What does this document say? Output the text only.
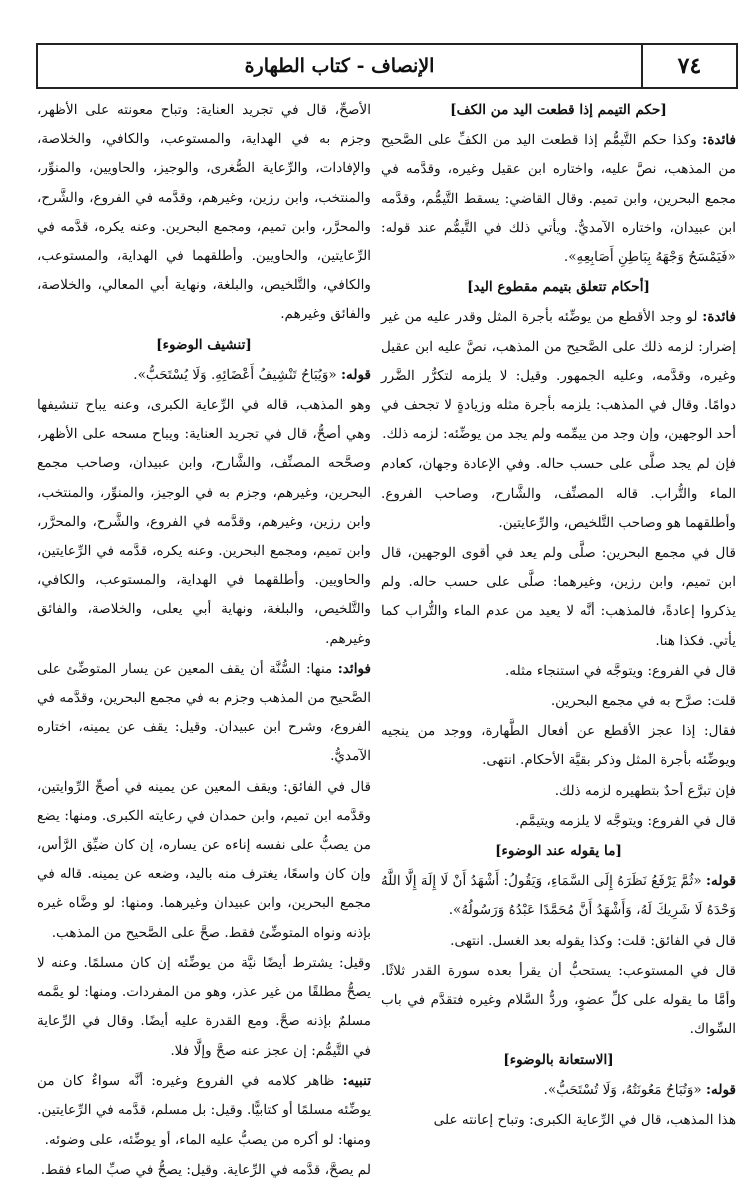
الإنصاف - كتاب الطهارة	٧٤

[حكم التيمم إذا قطعت اليد من الكف]

فائدة: وكذا حكم التَّيمُّم إذا قطعت اليد من الكفِّ على الصَّحيح من المذهب، نصَّ عليه، واختاره ابن عقيل وغيره، وقدَّمه في مجمع البحرين، وابن تميم. وقال القاضي: يسقط التَّيمُّم، وقدَّمه ابن عبيدان، واختاره الآمديُّ. ويأتي ذلك في التَّيمُّم عند قوله: «فَيَمْسَحُ وَجْهَهُ بِبَاطِنِ أَصَابِعِهِ».

[أحكام تتعلق بتيمم مقطوع اليد]

فائدة: لو وجد الأقطع من يوضِّئه بأجرة المثل وقدر عليه من غير إضرار: لزمه ذلك على الصَّحيح من المذهب، نصَّ عليه ابن عقيل وغيره، وقدَّمه، وعليه الجمهور. وقيل: لا يلزمه لتكرُّر الضَّرر دوامًا. وقال في المذهب: يلزمه بأجرة مثله وزيادةٍ لا تجحف في أحد الوجهين، وإن وجد من ييمِّمه ولم يجد من يوضِّئه: لزمه ذلك.

فإن لم يجد صلَّى على حسب حاله. وفي الإعادة وجهان، كعادم الماء والتُّراب. قاله المصنِّف، والشَّارح، وصاحب الفروع. وأطلقهما هو وصاحب التَّلخيص، والرِّعايتين.

قال في مجمع البحرين: صلَّى ولم يعد في أقوى الوجهين، قال ابن تميم، وابن رزين، وغيرهما: صلَّى على حسب حاله. ولم يذكروا إعادةً، فالمذهب: أنَّه لا يعيد من عدم الماء والتُّراب كما يأتي. فكذا هنا.

قال في الفروع: ويتوجَّه في استنجاء مثله.

قلت: صرَّح به في مجمع البحرين.

فقال: إذا عجز الأقطع عن أفعال الطَّهارة، ووجد من ينجيه ويوضِّئه بأجرة المثل وذكر بقيَّة الأحكام. انتهى.

فإن تبرَّع أحدٌ بتطهيره لزمه ذلك.

قال في الفروع: ويتوجَّه لا يلزمه ويتيمَّم.

[ما يقوله عند الوضوء]

قوله: «ثُمَّ يَرْفَعُ نَظَرَهُ إِلَى السَّمَاءِ، وَيَقُولُ: أَشْهَدُ أَنْ لَا إِلَهَ إِلَّا اللَّهُ وَحْدَهُ لَا شَرِيكَ لَهُ، وَأَشْهَدُ أَنَّ مُحَمَّدًا عَبْدُهُ وَرَسُولُهُ».

قال في الفائق: قلت: وكذا يقوله بعد الغسل. انتهى.

قال في المستوعب: يستحبُّ أن يقرأ بعده سورة القدر ثلاثًا. وأمَّا ما يقوله على كلِّ عضوٍ، وردُّ السَّلام وغيره فتقدَّم في باب السِّواك.

[الاستعانة بالوضوء]

قوله: «وَتُبَاحُ مَعُونَتُهُ، وَلَا تُسْتَحَبُّ».

هذا المذهب، قال في الرِّعاية الكبرى: وتباح إعانته على

الأصحِّ، قال في تجريد العناية: وتباح معونته على الأظهر، وجزم به في الهداية، والمستوعب، والكافي، والخلاصة، والإفادات، والرِّعاية الصُّغرى، والوجيز، والحاويين، والمنوِّر، والمنتخب، وابن رزين، وغيرهم، وقدَّمه في الفروع، والشَّرح، والمحرَّر، وابن تميم، ومجمع البحرين. وعنه يكره، قدَّمه في الرِّعايتين، والحاويين. وأطلقهما في الهداية، والمستوعب، والكافي، والتَّلخيص، والبلغة، ونهاية أبي المعالي، والخلاصة، والفائق وغيرهم.

[تنشيف الوضوء]

قوله: «وَيُبَاحُ تَنْشِيفُ أَعْضَائِهِ. وَلَا يُسْتَحَبُّ».

وهو المذهب، قاله في الرِّعاية الكبرى، وعنه يباح تنشيفها وهي أصحُّ، قال في تجريد العناية: ويباح مسحه على الأظهر، وصحَّحه المصنِّف، والشَّارح، وابن عبيدان، وصاحب مجمع البحرين، وغيرهم، وجزم به في الوجيز، والمنوِّر، والمنتخب، وابن رزين، وغيرهم، وقدَّمه في الفروع، والشَّرح، والمحرَّر، وابن تميم، ومجمع البحرين. وعنه يكره، قدَّمه في الرِّعايتين، والحاويين. وأطلقهما في الهداية، والمستوعب، والكافي، والتَّلخيص، والبلغة، ونهاية أبي يعلى، والخلاصة، والفائق وغيرهم.

فوائد: منها: السُّنَّة أن يقف المعين عن يسار المتوضِّئ على الصَّحيح من المذهب وجزم به في مجمع البحرين، وقدَّمه في الفروع، وشرح ابن عبيدان. وقيل: يقف عن يمينه، اختاره الآمديُّ.

قال في الفائق: ويقف المعين عن يمينه في أصحِّ الرِّوايتين، وقدَّمه ابن تميم، وابن حمدان في رعايته الكبرى. ومنها: يضع من يصبُّ على نفسه إناءه عن يساره، إن كان ضيِّق الرَّأس، وإن كان واسعًا، يغترف منه باليد، وضعه عن يمينه. قاله في مجمع البحرين، وابن عبيدان وغيرهما. ومنها: لو وضَّاه غيره بإذنه ونواه المتوضِّئ فقط. صحَّ على الصَّحيح من المذهب.

وقيل: يشترط أيضًا نيَّة من يوضِّئه إن كان مسلمًا. وعنه لا يصحُّ مطلقًا من غير عذر، وهو من المفردات. ومنها: لو يمَّمه مسلمٌ بإذنه صحَّ. ومع القدرة عليه أيضًا. وقال في الرِّعاية في التَّيمُّم: إن عجز عنه صحَّ وإلَّا فلا.

تنبيه: ظاهر كلامه في الفروع وغيره: أنَّه سواءٌ كان من يوضِّئه مسلمًا أو كتابيًّا. وقيل: بل مسلم، قدَّمه في الرِّعايتين.

ومنها: لو أكره من يصبُّ عليه الماء، أو يوضِّئه، على وضوئه.

لم يصحَّ، قدَّمه في الرِّعاية. وقيل: يصحُّ في صبِّ الماء فقط.
